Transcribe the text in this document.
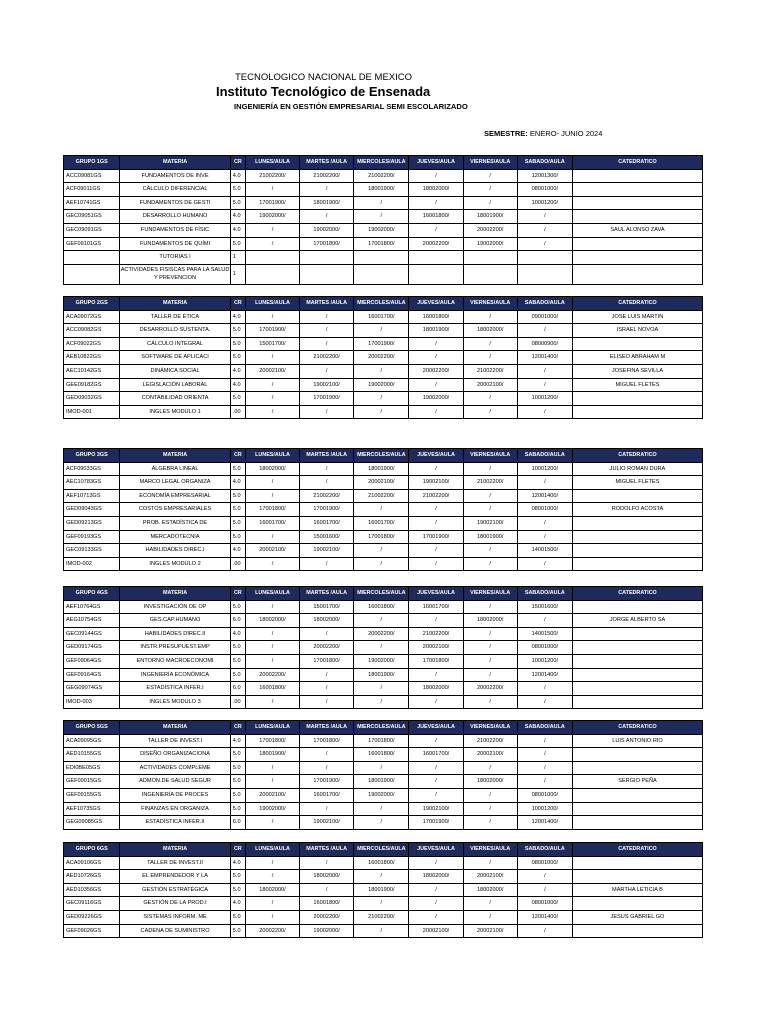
TECNOLOGICO NACIONAL DE MEXICO
Instituto Tecnológico de Ensenada
INGENIERÍA EN GESTIÓN EMPRESARIAL SEMI ESCOLARIZADO
SEMESTRE: ENERO- JUNIO 2024
GRUPO 1GS	MATERIA	CR	LUNES/AULA	MARTES /AULA	MIERCOLES/AULA	JUEVES/AULA	VIERNES/AULA	SABADO/AULA	CATEDRATICO
ACC09081GS	FUNDAMENTOS DE INVE	4.0	21002200/	21002200/	21002200/	/	/	12001300/	
ACF09011GS	CÁLCULO DIFERENCIAL	5.0	/	/	18001900/	18002000/	/	08001000/	
AEF10741GS	FUNDAMENTOS DE GESTI	5.0	17001900/	18001900/	/	/	/	10001200/	
GEC09051GS	DESARROLLO HUMANO	4.0	19002000/	/	/	16001800/	18001900/	/	
GEC09091GS	FUNDAMENTOS DE FÍSIC	4.0	/	19002000/	19002000/	/	20002200/	/	SAUL ALONSO ZAVA
GEF09101GS	FUNDAMENTOS DE QUÍMI	5.0	/	17001800/	17001800/	20002200/	19002000/	/	
	TUTORIAS I	1							
	ACTIVIDADES FISISCAS PARA LA SALUD Y PREVENCION	1							
GRUPO 2GS	MATERIA	CR	LUNES/AULA	MARTES /AULA	MIERCOLES/AULA	JUEVES/AULA	VIERNES/AULA	SABADO/AULA	CATEDRATICO
ACA09072GS	TALLER DE ÉTICA	4.0	/	/	16001700/	16001800/	/	09001000/	JOSE LUIS MARTIN
ACC09082GS	DESARROLLO SUSTENTA.	5.0	17001900/	/	/	18001900/	18002000/	/	ISRAEL NOVOA
ACF09022GS	CÁLCULO INTEGRAL	5.0	15001700/	/	17001900/	/	/	08000900/	
AEB10822GS	SOFTWARE DE APLICACI	5.0	/	21002200/	20002200/	/	/	12001400/	ELISEO ABRAHAM M
AEC10142GS	DINÁMICA SOCIAL	4.0	20002100/	/	/	20002200/	21002200/	/	JOSEFINA SEVILLA
GEE09182GS	LEGISLACIÓN LABORAL	4.0	/	19002100/	19002000/	/	20002100/	/	MIGUEL FLETES
GED09032GS	CONTABILIDAD ORIENTA	5.0	/	17001900/	/	19002000/	/	10001200/	
IMOD-001	INGLES MODULO 1	.00	/	/	/	/	/	/	
GRUPO 3GS	MATERIA	CR	LUNES/AULA	MARTES /AULA	MIERCOLES/AULA	JUEVES/AULA	VIERNES/AULA	SABADO/AULA	CATEDRATICO
ACF09033GS	ÁLGEBRA LINEAL	5.0	18002000/	/	18001900/	/	/	10001200/	JULIO ROMAN DURA
AEC10783GS	MARCO LEGAL ORGANIZA	4.0	/	/	20002100/	19002100/	21002200/	/	MIGUEL FLETES
AEF10713GS	ECONOMÍA EMPRESARIAL	5.0	/	21002200/	21002200/	21002200/	/	12001400/	
GED09043GS	COSTOS EMPRESARIALES	5.0	17001800/	17001900/	/	/	/	08001000/	RODOLFO ACOSTA
GED09213GS	PROB. ESTADÍSTICA DE	5.0	16001700/	16001700/	16001700/	/	19002100/	/	
GEF09193GS	MERCADOTECNIA	5.0	/	15001600/	17001800/	17001900/	18001900/	/	
GEC09133GS	HABILIDADES DIREC.I	4.0	20002100/	19002100/	/	/	/	14001500/	
IMOD-002	INGLES MODULO 2	.00	/	/	/	/	/	/	
GRUPO 4GS	MATERIA	CR	LUNES/AULA	MARTES /AULA	MIERCOLES/AULA	JUEVES/AULA	VIERNES/AULA	SABADO/AULA	CATEDRATICO
AEF10764GS	INVESTIGACIÓN DE OP	5.0	/	15001700/	16001800/	16001700/	/	15001600/	
AEG10754GS	GES.CAP.HUMANO	6.0	18002000/	18002000/	/	/	18002000/	/	JORGE ALBERTO SA
GEC09144GS	HABILIDADES DIREC.II	4.0	/	/	20002200/	21002200/	/	14001500/	
GED09174GS	INSTR.PRESUPUEST.EMP	5.0	/	20002200/	/	20002100/	/	08001000/	
GEF09064GS	ENTORNO MACROECONOMI	5.0	/	17001800/	19002000/	17001800/	/	10001200/	
GEF09164GS	INGENIERÍA ECONÓMICA	5.0	20002200/	/	18001900/	/	/	12001400/	
GEG09074GS	ESTADÍSTICA INFER.I	6.0	16001800/	/	/	18002000/	20002200/	/	
IMOD-003	INGLES MODULO 3	.00	/	/	/	/	/	/	
GRUPO 5GS	MATERIA	CR	LUNES/AULA	MARTES /AULA	MIERCOLES/AULA	JUEVES/AULA	VIERNES/AULA	SABADO/AULA	CATEDRATICO
ACA09095GS	TALLER DE INVEST.I	4.0	17001800/	17001800/	17001800/	/	21002200/	/	LUIS ANTONIO RIO
AED10155GS	DISEÑO ORGANIZACIONA	5.0	18001900/	/	16001800/	16001700/	20002100/	/	
EDI0BE05GS	ACTIVIDADES COMPLEME	5.0	/	/	/	/	/	/	
GEF09015GS	ADMON.DE SALUD SEGUR	5.0	/	17001900/	18001900/	/	18002000/	/	SERGIO PEÑA
GEF09155GS	INGENIERÍA DE PROCES	5.0	20002100/	16001700/	19002000/	/	/	08001000/	
AEF10735GS	FINANZAS EN ORGANIZA	5.0	19002000/	/	/	19002100/	/	10001200/	
GEG09085GS	ESTADÍSTICA INFER.II	6.0	/	19002100/	/	17001900/	/	12001400/	
GRUPO 6GS	MATERIA	CR	LUNES/AULA	MARTES /AULA	MIERCOLES/AULA	JUEVES/AULA	VIERNES/AULA	SABADO/AULA	CATEDRATICO
ACA09106GS	TALLER DE INVEST.II	4.0	/	/	16001800/	/	/	08001000/	
AED10726GS	EL EMPRENDEDOR Y LA	5.0	/	18002000/	/	18002000/	20002100/	/	
AED10356GS	GESTIÓN ESTRATÉGICA	5.0	18002000/	/	18001900/	/	18002000/	/	MARTHA LETICIA B
GEC09116GS	GESTIÓN DE LA PROD.I	4.0	/	16001800/	/	/	/	08001000/	
GED09226GS	SISTEMAS INFORM. ME	5.0	/	20002200/	21002200/	/	/	12001400/	JESUS GABRIEL GO
GEF09026GS	CADENA DE SUMINISTRO	5.0	20002200/	19002000/	/	20002100/	20002100/	/	
